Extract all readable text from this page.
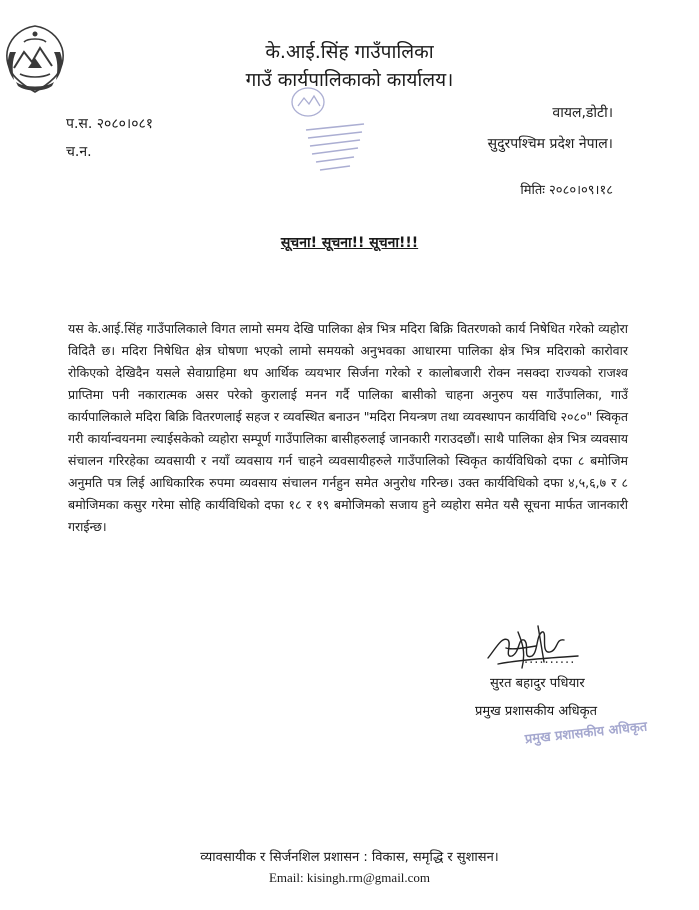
के.आई.सिंह गाउँपालिका
गाउँ कार्यपालिकाको कार्यालय।
प.स. २०८०।०८१
च.न.
वायल,डोटी।
सुदुरपश्चिम प्रदेश नेपाल।
मितिः २०८०।०९।१८
सूचना! सूचना!! सूचना!!!
यस के.आई.सिंह गाउँपालिकाले विगत लामो समय देखि पालिका क्षेत्र भित्र मदिरा बिक्रि वितरणको कार्य निषेधित गरेको व्यहोरा विदितै छ। मदिरा निषेधित क्षेत्र घोषणा भएको लामो समयको अनुभवका आधारमा पालिका क्षेत्र भित्र मदिराको कारोवार रोकिएको देखिदैन यसले सेवाग्राहिमा थप आर्थिक व्ययभार सिर्जना गरेको र कालोबजारी रोक्न नसक्दा राज्यको राजश्व प्राप्तिमा पनी नकारात्मक असर परेको कुरालाई मनन गर्दै पालिका बासीको चाहना अनुरुप यस गाउँपालिका, गाउँ कार्यपालिकाले मदिरा बिक्रि वितरणलाई सहज र व्यवस्थित बनाउन "मदिरा नियन्त्रण तथा व्यवस्थापन कार्यविधि २०८०" स्विकृत गरी कार्यान्वयनमा ल्याईसकेको व्यहोरा सम्पूर्ण गाउँपालिका बासीहरुलाई जानकारी गराउदछौं। साथै पालिका क्षेत्र भित्र व्यवसाय संचालन गरिरहेका व्यवसायी र नयाँ व्यवसाय गर्न चाहने व्यवसायीहरुले गाउँपालिको स्विकृत कार्यविधिको दफा ८ बमोजिम अनुमति पत्र लिई आधिकारिक रुपमा व्यवसाय संचालन गर्नहुन समेत अनुरोध गरिन्छ। उक्त कार्यविधिको दफा ४,५,६,७ र ८ बमोजिमका कसुर गरेमा सोहि कार्यविधिको दफा १८ र १९ बमोजिमको सजाय हुने व्यहोरा समेत यसै सूचना मार्फत जानकारी गराईन्छ।
..........
सुरत बहादुर पधियार
प्रमुख प्रशासकीय अधिकृत
प्रमुख प्रशासकीय अधिकृत
व्यावसायीक र सिर्जनशिल प्रशासन : विकास, समृद्धि र सुशासन।
Email: kisingh.rm@gmail.com
